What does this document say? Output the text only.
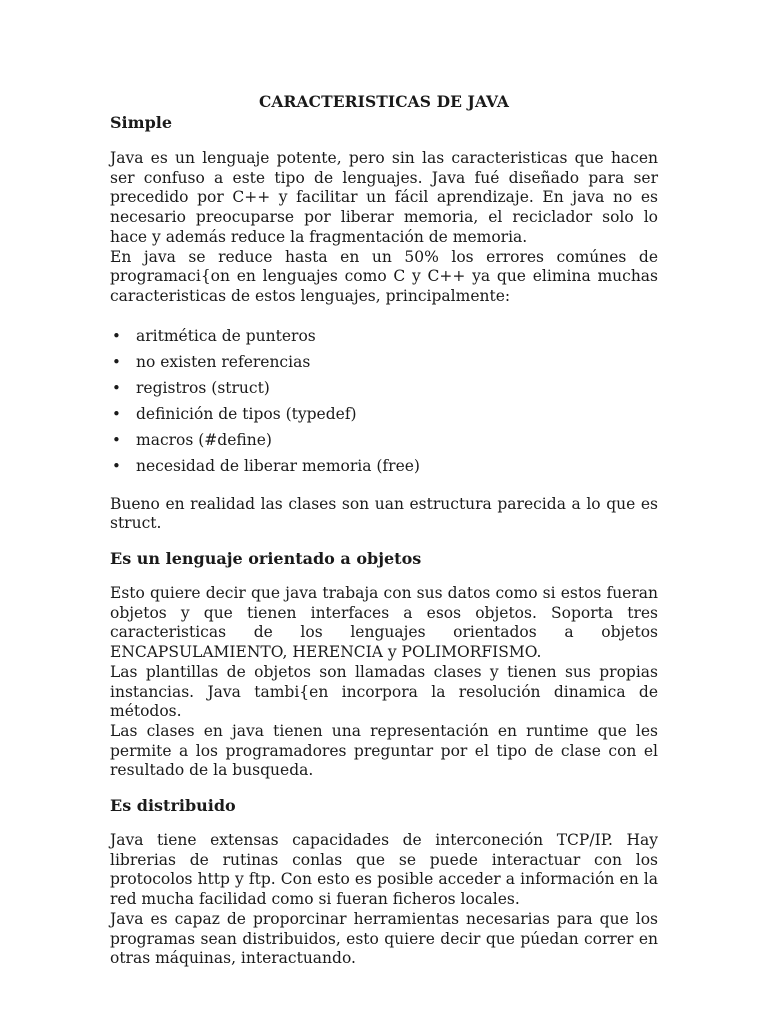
CARACTERISTICAS DE JAVA
Simple

Java es un lenguaje potente, pero sin las caracteristicas que hacen ser confuso a este tipo de lenguajes. Java fué diseñado para ser precedido por C++ y facilitar un fácil aprendizaje. En java no es necesario preocuparse por liberar memoria, el reciclador solo lo hace y además reduce la fragmentación de memoria.

En java se reduce hasta en un 50% los errores comúnes de programaci{on en lenguajes como C y C++ ya que elimina muchas caracteristicas de estos lenguajes, principalmente:

• aritmética de punteros
• no existen referencias
• registros (struct)
• definición de tipos (typedef)
• macros (#define)
• necesidad de liberar memoria (free)

Bueno en realidad las clases son uan estructura parecida a lo que es struct.

Es un lenguaje orientado a objetos

Esto quiere decir que java trabaja con sus datos como si estos fueran objetos y que tienen interfaces a esos objetos. Soporta tres caracteristicas de los lenguajes orientados a objetos ENCAPSULAMIENTO, HERENCIA y POLIMORFISMO.

Las plantillas de objetos son llamadas clases y tienen sus propias instancias. Java tambi{en incorpora la resolución dinamica de métodos.

Las clases en java tienen una representación en runtime que les permite a los programadores preguntar por el tipo de clase con el resultado de la busqueda.

Es distribuido

Java tiene extensas capacidades de interconeción TCP/IP. Hay librerias de rutinas conlas que se puede interactuar con los protocolos http y ftp. Con esto es posible acceder a información en la red mucha facilidad como si fueran ficheros locales.

Java es capaz de proporcinar herramientas necesarias para que los programas sean distribuidos, esto quiere decir que púedan correr en otras máquinas, interactuando.
